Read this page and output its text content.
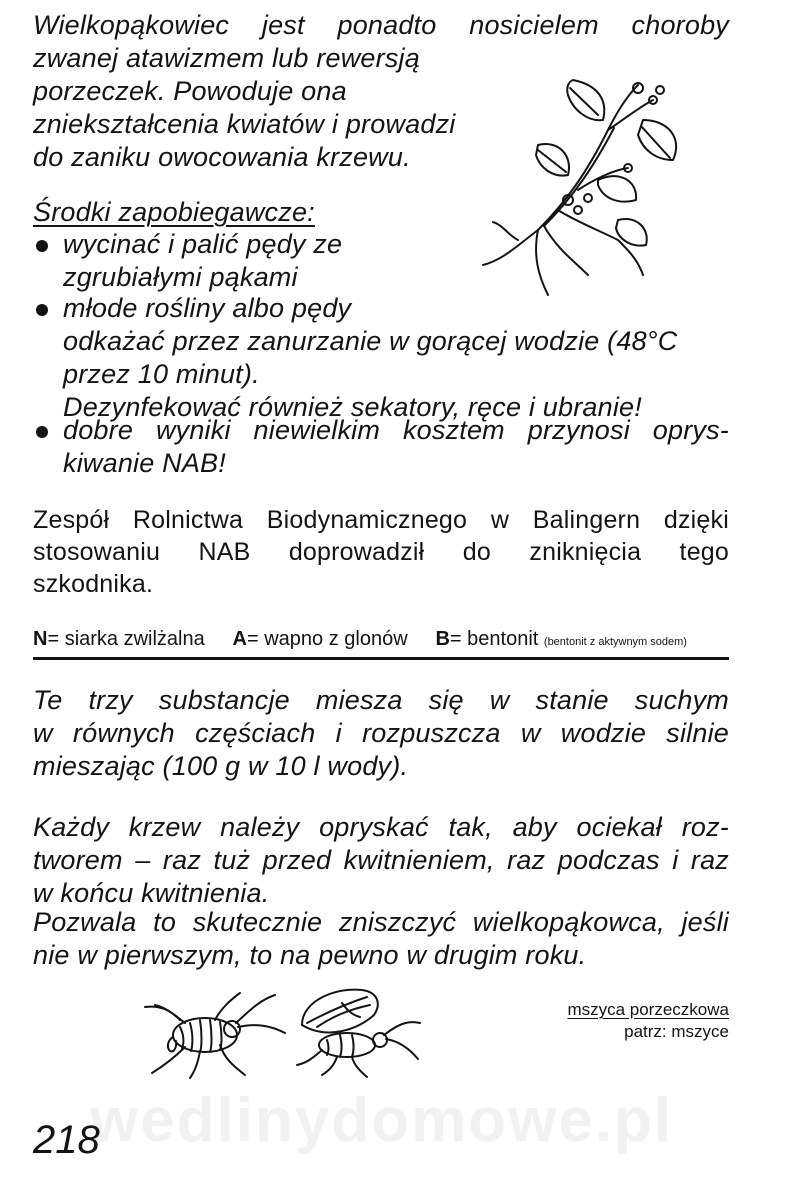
wedlinydomowe.pl
Wielkopąkowiec jest ponadto nosicielem choroby
zwanej atawizmem lub rewersją
porzeczek. Powoduje ona
zniekształcenia kwiatów i prowadzi
do zaniku owocowania krzewu.
Środki zapobiegawcze:
wycinać i palić pędy ze
zgrubiałymi pąkami
młode rośliny albo pędy
odkażać przez zanurzanie w gorącej wodzie (48°C
przez 10 minut).
Dezynfekować również sekatory, ręce i ubranie!
dobre wyniki niewielkim kosztem przynosi oprys-
kiwanie NAB!
Zespół Rolnictwa Biodynamicznego w Balingern dzięki
stosowaniu NAB doprowadził do zniknięcia tego
szkodnika.
N= siarka zwilżalna A= wapno z glonów B= bentonit (bentonit z aktywnym sodem)
Te trzy substancje miesza się w stanie suchym
w równych częściach i rozpuszcza w wodzie silnie
mieszając (100 g w 10 l wody).
Każdy krzew należy opryskać tak, aby ociekał roz-
tworem – raz tuż przed kwitnieniem, raz podczas i raz
w końcu kwitnienia.
Pozwala to skutecznie zniszczyć wielkopąkowca, jeśli
nie w pierwszym, to na pewno w drugim roku.
mszyca porzeczkowa
patrz: mszyce
218
